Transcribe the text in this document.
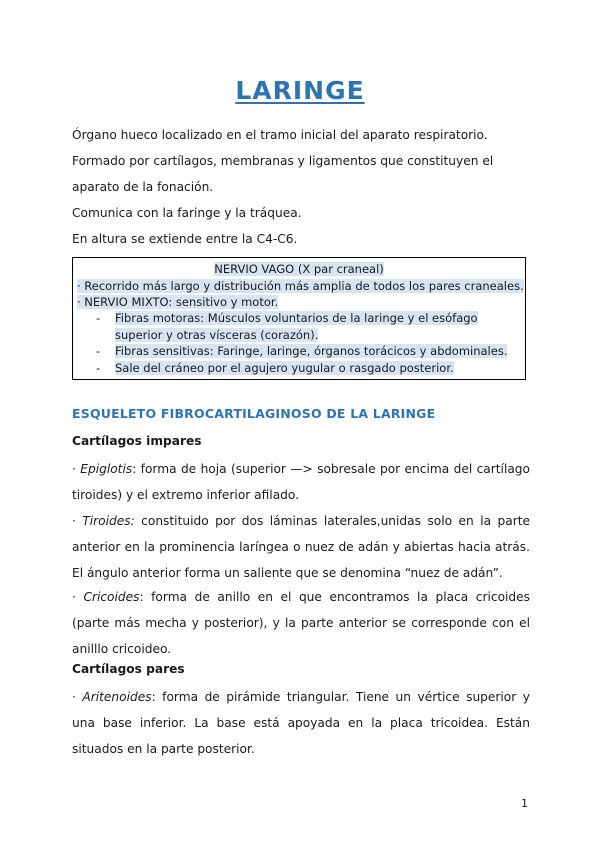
LARINGE

Órgano hueco localizado en el tramo inicial del aparato respiratorio.

Formado por cartílagos, membranas y ligamentos que constituyen el aparato de la fonación.

Comunica con la faringe y la tráquea.

En altura se extiende entre la C4-C6.

NERVIO VAGO (X par craneal)
· Recorrido más largo y distribución más amplia de todos los pares craneales.
· NERVIO MIXTO: sensitivo y motor.
- Fibras motoras: Músculos voluntarios de la laringe y el esófago superior y otras vísceras (corazón).
- Fibras sensitivas: Faringe, laringe, órganos torácicos y abdominales.
- Sale del cráneo por el agujero yugular o rasgado posterior.
ESQUELETO FIBROCARTILAGINOSO DE LA LARINGE
Cartílagos impares

· Epiglotis: forma de hoja (superior —> sobresale por encima del cartílago tiroides) y el extremo inferior afilado.

· Tiroides: constituido por dos láminas laterales,unidas solo en la parte anterior en la prominencia laríngea o nuez de adán y abiertas hacia atrás. El ángulo anterior forma un saliente que se denomina “nuez de adán”.

· Cricoides: forma de anillo en el que encontramos la placa cricoides (parte más mecha y posterior), y la parte anterior se corresponde con el anilllo cricoideo.

Cartílagos pares

· Aritenoides: forma de pirámide triangular. Tiene un vértice superior y una base inferior. La base está apoyada en la placa tricoidea. Están situados en la parte posterior.

1
